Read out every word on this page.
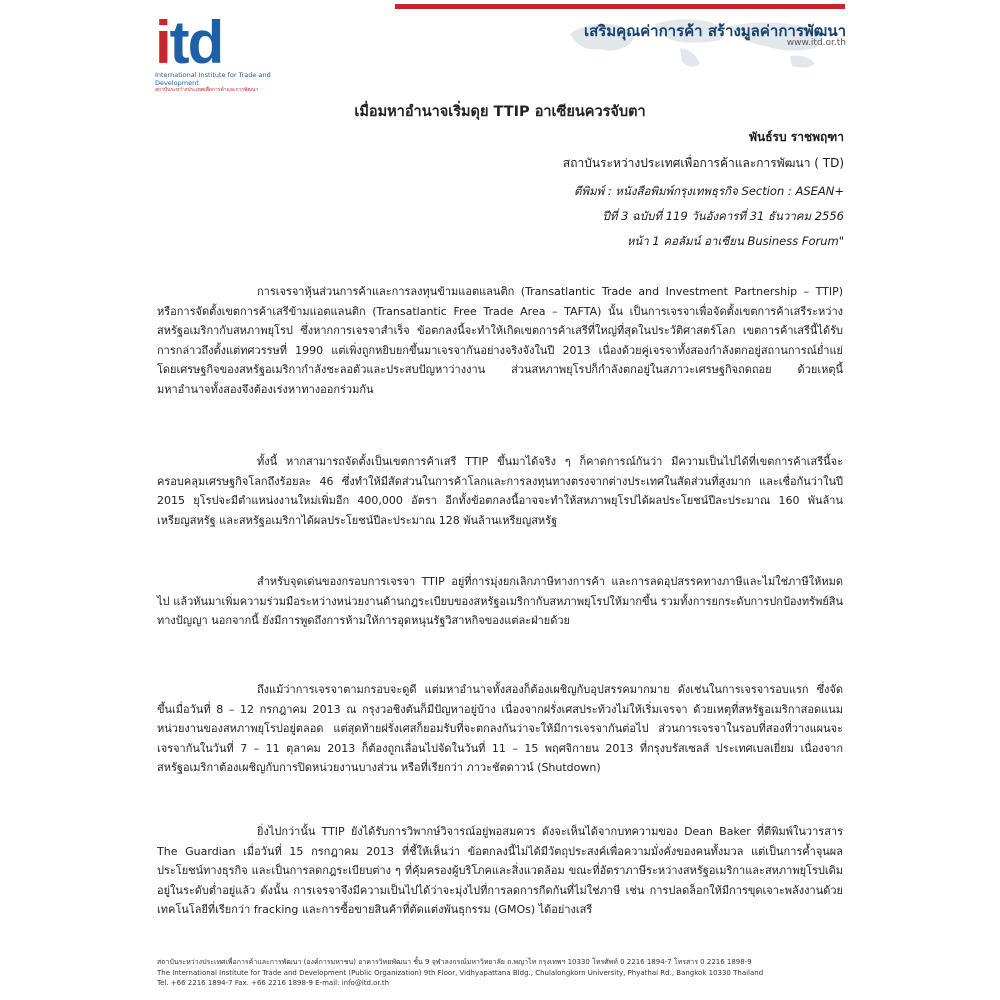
itd
International Institute for Trade and Development
สถาบันระหว่างประเทศเพื่อการค้าและการพัฒนา
เสริมคุณค่าการค้า สร้างมูลค่าการพัฒนา
www.itd.or.th
เมื่อมหาอำนาจเริ่มดุย TTIP อาเซียนควรจับตา
พันธ์รบ ราชพฤฑา
สถาบันระหว่างประเทศเพื่อการค้าและการพัฒนา ( TD)
ตีพิมพ์ : หนังสือพิมพ์กรุงเทพธุรกิจ Section : ASEAN+
ปีที่ 3 ฉบับที่ 119 วันอังคารที่ 31 ธันวาคม 2556
หน้า 1 คอลัมน์ อาเซียน Business Forum"

การเจรจาหุ้นส่วนการค้าและการลงทุนข้ามแอตแลนติก (Transatlantic Trade and Investment Partnership – TTIP) หรือการจัดตั้งเขตการค้าเสรีข้ามแอตแลนติก (Transatlantic Free Trade Area – TAFTA) นั้น เป็นการเจรจาเพื่อจัดตั้งเขตการค้าเสรีระหว่างสหรัฐอเมริกากับสหภาพยุโรป ซึ่งหากการเจรจาสำเร็จ ข้อตกลงนี้จะทำให้เกิดเขตการค้าเสรีที่ใหญ่ที่สุดในประวัติศาสตร์โลก เขตการค้าเสรีนี้ได้รับการกล่าวถึงตั้งแต่ทศวรรษที่ 1990 แต่เพิ่งถูกหยิบยกขึ้นมาเจรจากันอย่างจริงจังในปี 2013 เนื่องด้วยคู่เจรจาทั้งสองกำลังตกอยู่สถานการณ์ย่ำแย่ โดยเศรษฐกิจของสหรัฐอเมริกากำลังชะลอตัวและประสบปัญหาว่างงาน ส่วนสหภาพยุโรปก็กำลังตกอยู่ในสภาวะเศรษฐกิจถดถอย ด้วยเหตุนี้ มหาอำนาจทั้งสองจึงต้องเร่งหาทางออกร่วมกัน

ทั้งนี้ หากสามารถจัดตั้งเป็นเขตการค้าเสรี TTIP ขึ้นมาได้จริง ๆ ก็คาดการณ์กันว่า มีความเป็นไปได้ที่เขตการค้าเสรีนี้จะครอบคลุมเศรษฐกิจโลกถึงร้อยละ 46 ซึ่งทำให้มีสัดส่วนในการค้าโลกและการลงทุนทางตรงจากต่างประเทศในสัดส่วนที่สูงมาก และเชื่อกันว่าในปี 2015 ยุโรปจะมีตำแหน่งงานใหม่เพิ่มอีก 400,000 อัตรา อีกทั้งข้อตกลงนี้อาจจะทำให้สหภาพยุโรปได้ผลประโยชน์ปีละประมาณ 160 พันล้านเหรียญสหรัฐ และสหรัฐอเมริกาได้ผลประโยชน์ปีละประมาณ 128 พันล้านเหรียญสหรัฐ

สำหรับจุดเด่นของกรอบการเจรจา TTIP อยู่ที่การมุ่งยกเลิกภาษีทางการค้า และการลดอุปสรรคทางภาษีและไม่ใช่ภาษีให้หมดไป แล้วหันมาเพิ่มความร่วมมือระหว่างหน่วยงานด้านกฎระเบียบของสหรัฐอเมริกากับสหภาพยุโรปให้มากขึ้น รวมทั้งการยกระดับการปกป้องทรัพย์สินทางปัญญา นอกจากนี้ ยังมีการพูดถึงการห้ามให้การอุดหนุนรัฐวิสาหกิจของแต่ละฝ่ายด้วย

ถึงแม้ว่าการเจรจาตามกรอบจะดูดี แต่มหาอำนาจทั้งสองก็ต้องเผชิญกับอุปสรรคมากมาย ดังเช่นในการเจรจารอบแรก ซึ่งจัดขึ้นเมื่อวันที่ 8 – 12 กรกฎาคม 2013 ณ กรุงวอชิงตันก็มีปัญหาอยู่บ้าง เนื่องจากฝรั่งเศสประท้วงไม่ให้เริ่มเจรจา ด้วยเหตุที่สหรัฐอเมริกาสอดแนมหน่วยงานของสหภาพยุโรปอยู่ตลอด แต่สุดท้ายฝรั่งเศสก็ยอมรับที่จะตกลงกันว่าจะให้มีการเจรจากันต่อไป ส่วนการเจรจาในรอบที่สองที่วางแผนจะเจรจากันในวันที่ 7 – 11 ตุลาคม 2013 ก็ต้องถูกเลื่อนไปจัดในวันที่ 11 – 15 พฤศจิกายน 2013 ที่กรุงบรัสเซลส์ ประเทศเบลเยี่ยม เนื่องจากสหรัฐอเมริกาต้องเผชิญกับการปิดหน่วยงานบางส่วน หรือที่เรียกว่า ภาวะชัตดาวน์ (Shutdown)

ยิ่งไปกว่านั้น TTIP ยังได้รับการวิพากษ์วิจารณ์อยู่พอสมควร ดังจะเห็นได้จากบทความของ Dean Baker ที่ตีพิมพ์ในวารสาร The Guardian เมื่อวันที่ 15 กรกฎาคม 2013 ที่ชี้ให้เห็นว่า ข้อตกลงนี้ไม่ได้มีวัตถุประสงค์เพื่อความมั่งคั่งของคนทั้งมวล แต่เป็นการค้ำจุนผลประโยชน์ทางธุรกิจ และเป็นการลดกฎระเบียบต่าง ๆ ที่คุ้มครองผู้บริโภคและสิ่งแวดล้อม ขณะที่อัตราภาษีระหว่างสหรัฐอเมริกาและสหภาพยุโรปเดิมอยู่ในระดับต่ำอยู่แล้ว ดังนั้น การเจรจาจึงมีความเป็นไปได้ว่าจะมุ่งไปที่การลดการกีดกันที่ไม่ใช่ภาษี เช่น การปลดล็อกให้มีการขุดเจาะพลังงานด้วยเทคโนโลยีที่เรียกว่า fracking และการซื้อขายสินค้าที่ตัดแต่งพันธุกรรม (GMOs) ได้อย่างเสรี

สถาบันระหว่างประเทศเพื่อการค้าและการพัฒนา (องค์การมหาชน) อาคารวิทยพัฒนา ชั้น 9 จุฬาลงกรณ์มหาวิทยาลัย ถ.พญาไท กรุงเทพฯ 10330 โทรศัพท์ 0 2216 1894-7 โทรสาร 0 2216 1898-9
The International Institute for Trade and Development (Public Organization) 9th Floor, Vidhyapattana Bldg., Chulalongkorn University, Phyathai Rd., Bangkok 10330 Thailand
Tel. +66 2216 1894-7 Fax. +66 2216 1898-9 E-mail: info@itd.or.th
